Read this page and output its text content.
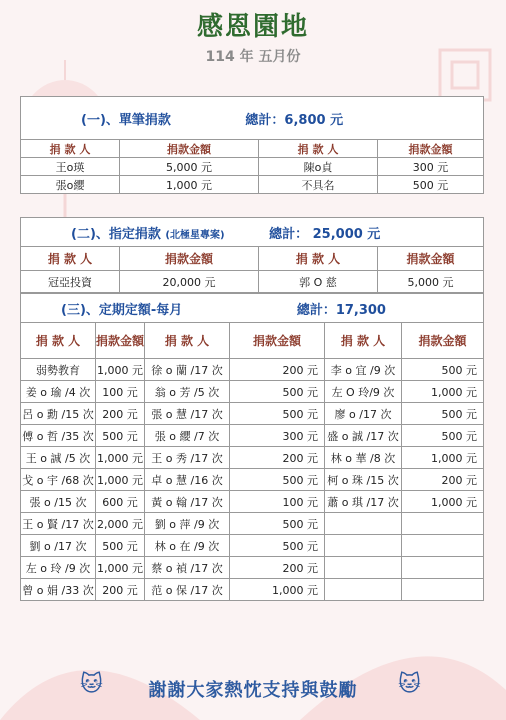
感恩園地
114 年 五月份
(一)、單筆捐款 總計：6,800 元			
捐 款 人	捐款金額	捐 款 人	捐款金額
王o瑛	5,000 元	陳o貞	300 元
張o纓	1,000 元	不具名	500 元
(二)、指定捐款 (北極星專案) 總計： 25,000 元			
捐 款 人	捐款金額	捐 款 人	捐款金額
冠亞投資	20,000 元	郭 O 慈	5,000 元
(三)、定期定額-每月 總計：17,300					
捐 款 人	捐款金額	捐 款 人	捐款金額	捐 款 人	捐款金額
弱勢教育	1,000 元	徐 o 蘭 /17 次	200 元	李 o 宜 /9 次	500 元
姜 o 瑜 /4 次	100 元	翁 o 芳 /5 次	500 元	左 O 玲/9 次	1,000 元
呂 o 勳 /15 次	200 元	張 o 慧 /17 次	500 元	廖 o /17 次	500 元
傅 o 哲 /35 次	500 元	張 o 纓 /7 次	300 元	盛 o 誠 /17 次	500 元
王 o 誠 /5 次	1,000 元	王 o 秀 /17 次	200 元	林 o 華 /8 次	1,000 元
戈 o 宇 /68 次	1,000 元	卓 o 慧 /16 次	500 元	柯 o 珠 /15 次	200 元
張 o /15 次	600 元	黃 o 翰 /17 次	100 元	蕭 o 琪 /17 次	1,000 元
王 o 賢 /17 次	2,000 元	劉 o 萍 /9 次	500 元		
劉 o /17 次	500 元	林 o 在 /9 次	500 元		
左 o 玲 /9 次	1,000 元	蔡 o 禎 /17 次	200 元		
曾 o 娟 /33 次	200 元	范 o 保 /17 次	1,000 元		
🐱 謝謝大家熱忱支持與鼓勵 🐱
